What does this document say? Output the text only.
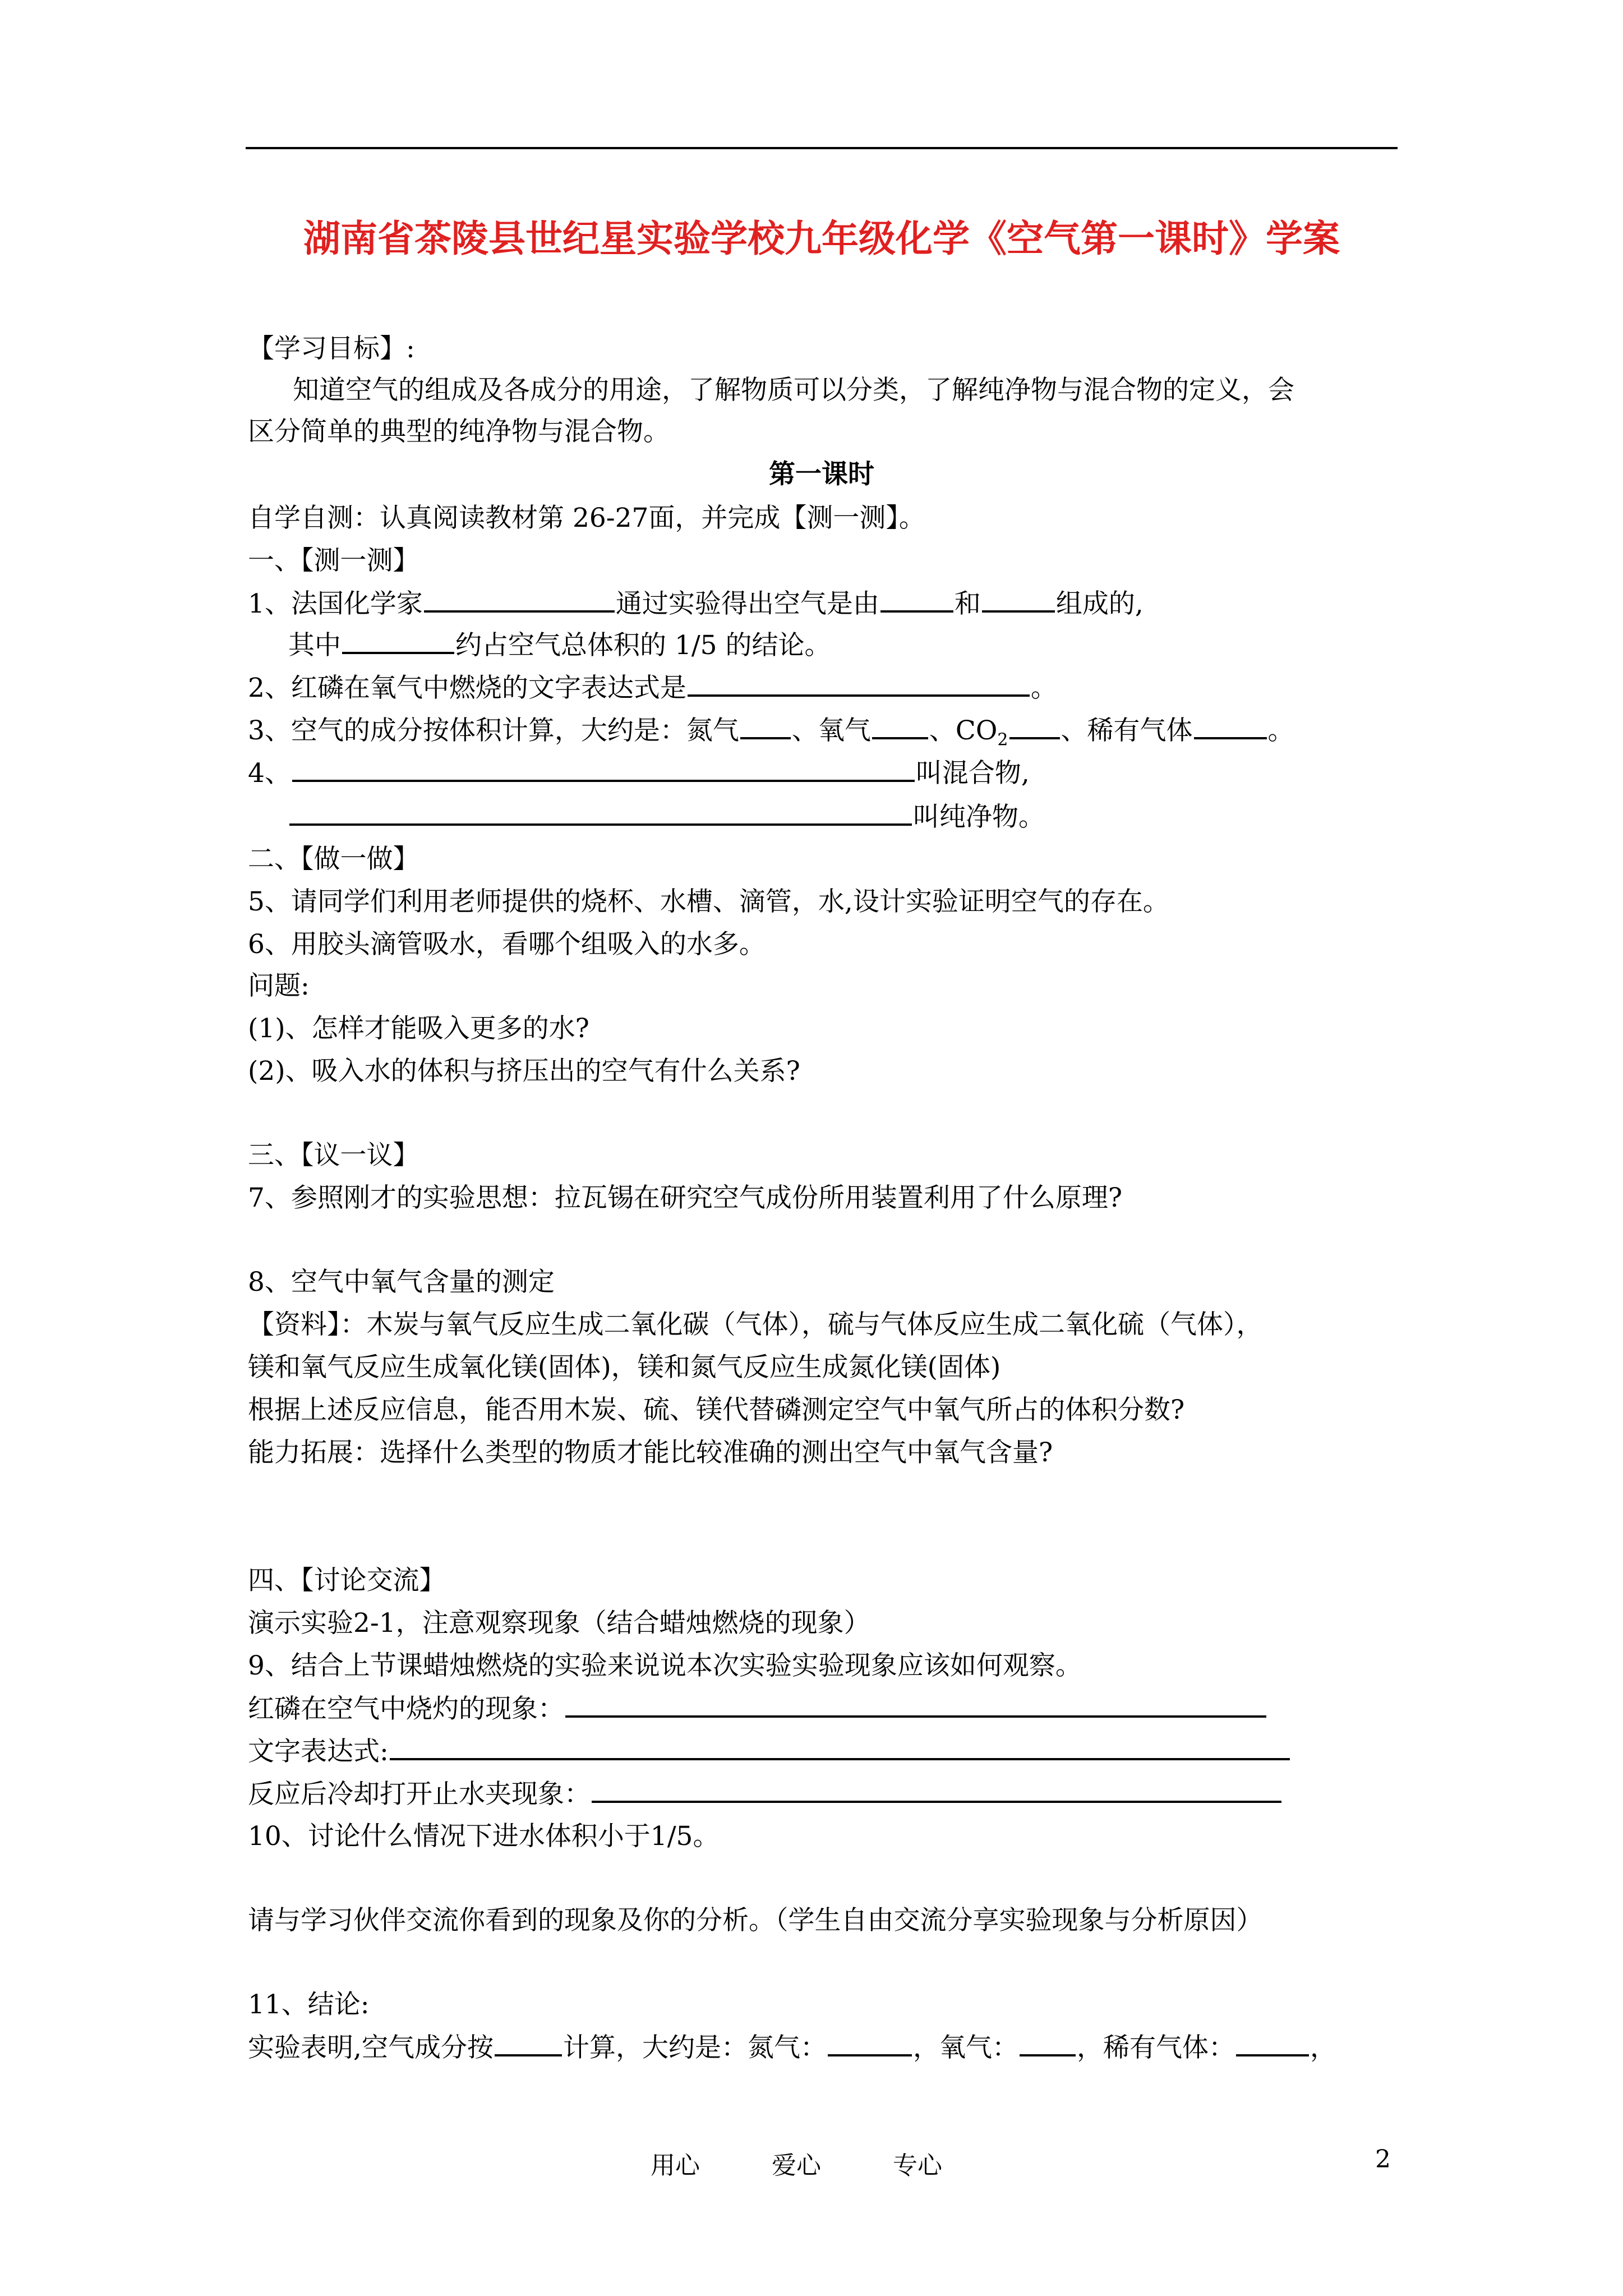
湖南省茶陵县世纪星实验学校九年级化学《空气第一课时》学案
【学习目标】:
知道空气的组成及各成分的用途，了解物质可以分类，了解纯净物与混合物的定义，会
区分简单的典型的纯净物与混合物。
第一课时
自学自测：认真阅读教材第 26-27面，并完成【测一测】。
一、【测一测】
1、法国化学家	通过实验得出空气是由	和	组成的,
其中	约占空气总体积的 1/5 的结论。
2、红磷在氧气中燃烧的文字表达式是	。
3、空气的成分按体积计算，大约是：氮气 、氧气 、$CO_2$ 、稀有气体	。
4、	叫混合物,
叫纯净物。
二、【做一做】
5、请同学们利用老师提供的烧杯、水槽、滴管，水,设计实验证明空气的存在。
6、用胶头滴管吸水，看哪个组吸入的水多。
问题:
(1)、怎样才能吸入更多的水?
(2)、吸入水的体积与挤压出的空气有什么关系?
三、【议一议】
7、参照刚才的实验思想：拉瓦锡在研究空气成份所用装置利用了什么原理?
8、空气中氧气含量的测定
【资料】：木炭与氧气反应生成二氧化碳（气体），硫与气体反应生成二氧化硫（气体），
镁和氧气反应生成氧化镁(固体)，镁和氮气反应生成氮化镁(固体)
根据上述反应信息，能否用木炭、硫、镁代替磷测定空气中氧气所占的体积分数?
能力拓展：选择什么类型的物质才能比较准确的测出空气中氧气含量?
四、【讨论交流】
演示实验2-1，注意观察现象（结合蜡烛燃烧的现象）
9、结合上节课蜡烛燃烧的实验来说说本次实验实验现象应该如何观察。
红磷在空气中烧灼的现象：
文字表达式:
反应后冷却打开止水夹现象：
10、讨论什么情况下进水体积小于1/5。
请与学习伙伴交流你看到的现象及你的分析。（学生自由交流分享实验现象与分析原因）
11、结论:
实验表明,空气成分按	计算，大约是：氮气：	，氧气： ，稀有气体：	，
用心	爱心	专心	2
